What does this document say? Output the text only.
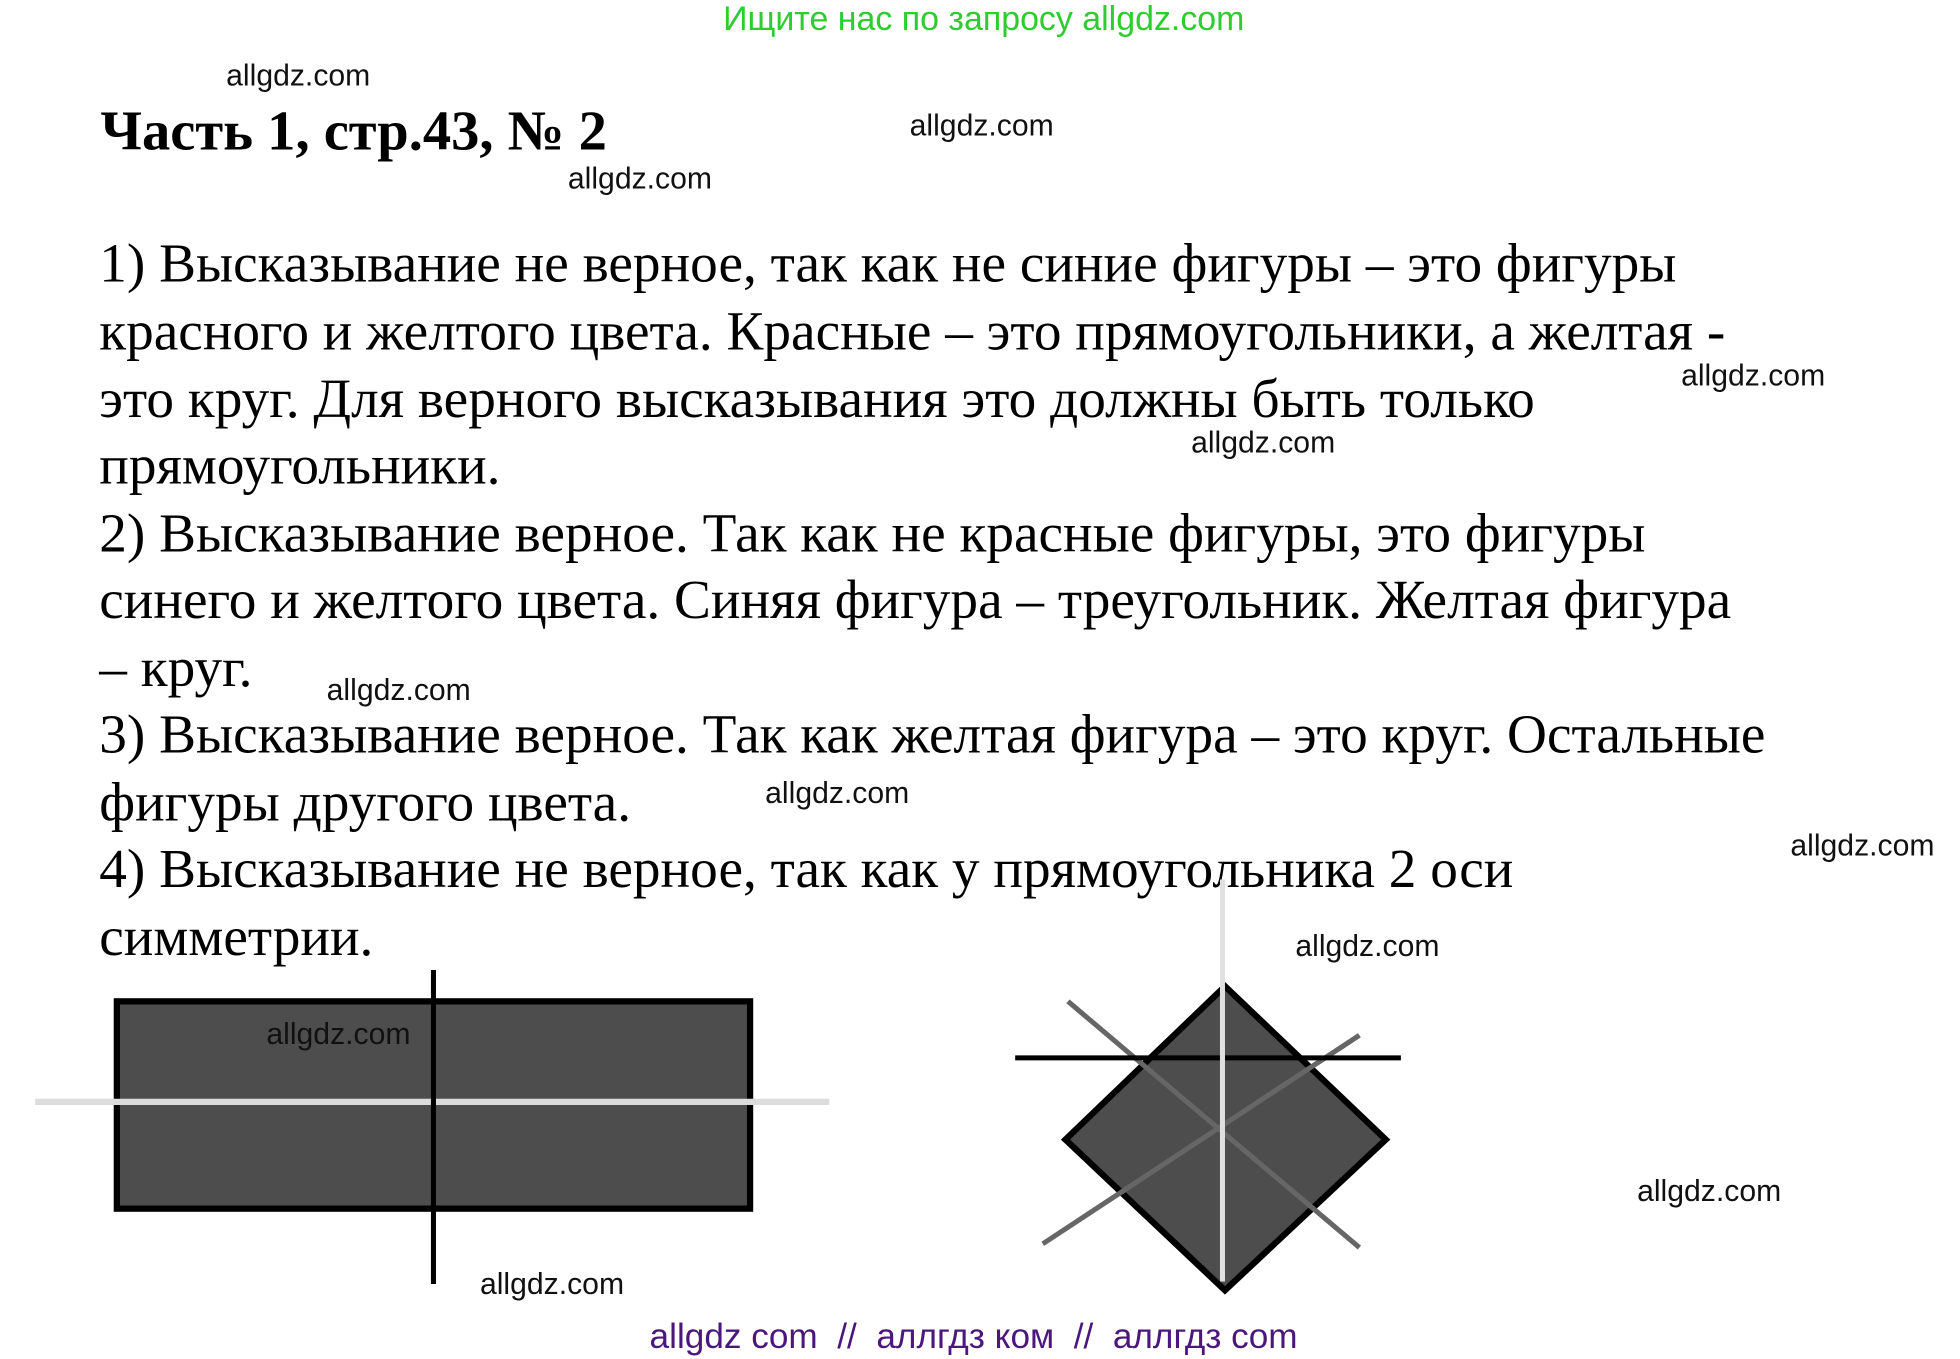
Ищите нас по запросу allgdz.com
Часть 1, стр.43, № 2
1) Высказывание не верное, так как не синие фигуры – это фигуры
красного и желтого цвета. Красные – это прямоугольники, а желтая -
это круг. Для верного высказывания это должны быть только
прямоугольники.
2) Высказывание верное. Так как не красные фигуры, это фигуры
синего и желтого цвета. Синяя фигура – треугольник. Желтая фигура
– круг.
3) Высказывание верное. Так как желтая фигура – это круг. Остальные
фигуры другого цвета.
4) Высказывание не верное, так как у прямоугольника 2 оси
симметрии.
allgdz.com
allgdz.com
allgdz.com
allgdz.com
allgdz.com
allgdz.com
allgdz.com
allgdz.com
allgdz.com
allgdz.com
allgdz.com
allgdz.com
allgdz com  //  аллгдз ком  //  аллгдз com
